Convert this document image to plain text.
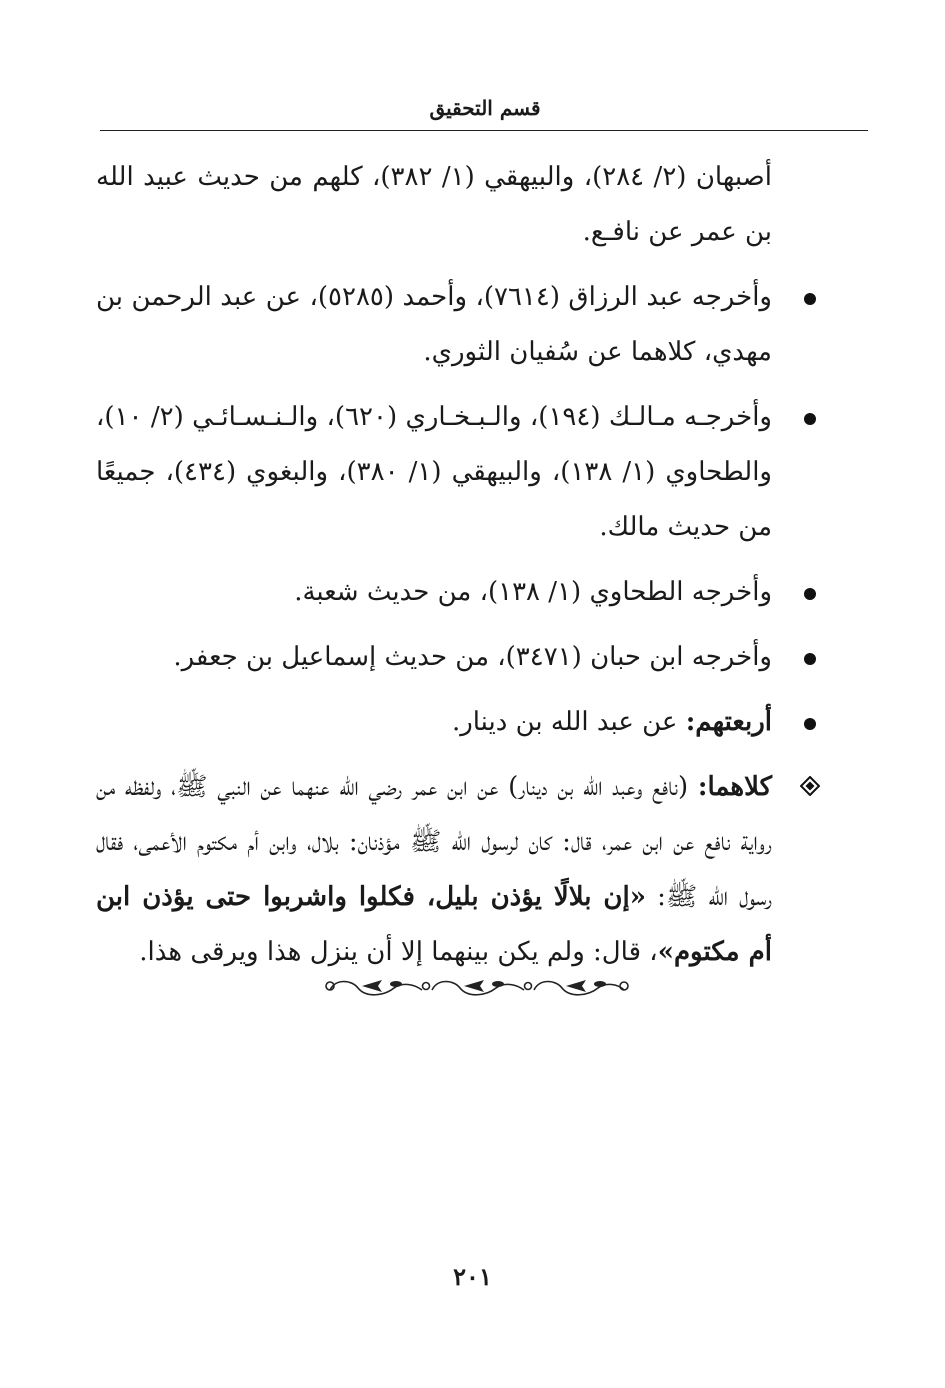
قسم التحقيق

أصبهان (٢/ ٢٨٤)، والبيهقي (١/ ٣٨٢)، كلهم من حديث عبيد الله بن عمر عن نافـع.

وأخرجه عبد الرزاق (٧٦١٤)، وأحمد (٥٢٨٥)، عن عبد الرحمن بن مهدي، كلاهما عن سُفيان الثوري.
وأخرجـه مـالـك (١٩٤)، والـبـخـاري (٦٢٠)، والـنـسـائـي (٢/ ١٠)، والطحاوي (١/ ١٣٨)، والبيهقي (١/ ٣٨٠)، والبغوي (٤٣٤)، جميعًا من حديث مالك.
وأخرجه الطحاوي (١/ ١٣٨)، من حديث شعبة.
وأخرجه ابن حبان (٣٤٧١)، من حديث إسماعيل بن جعفر.
أربعتهم: عن عبد الله بن دينار.

كلاهما: (نافع وعبد الله بن دينار) عن ابن عمر رضي الله عنهما عن النبي ﷺ، ولفظه من رواية نافع عن ابن عمر، قال: كان لرسول الله ﷺ مؤذنان: بلال، وابن أم مكتوم الأعمى، فقال رسول الله ﷺ: «إن بلالًا يؤذن بليل، فكلوا واشربوا حتى يؤذن ابن أم مكتوم»، قال: ولم يكن بينهما إلا أن ينزل هذا ويرقى هذا.

٢٠١
